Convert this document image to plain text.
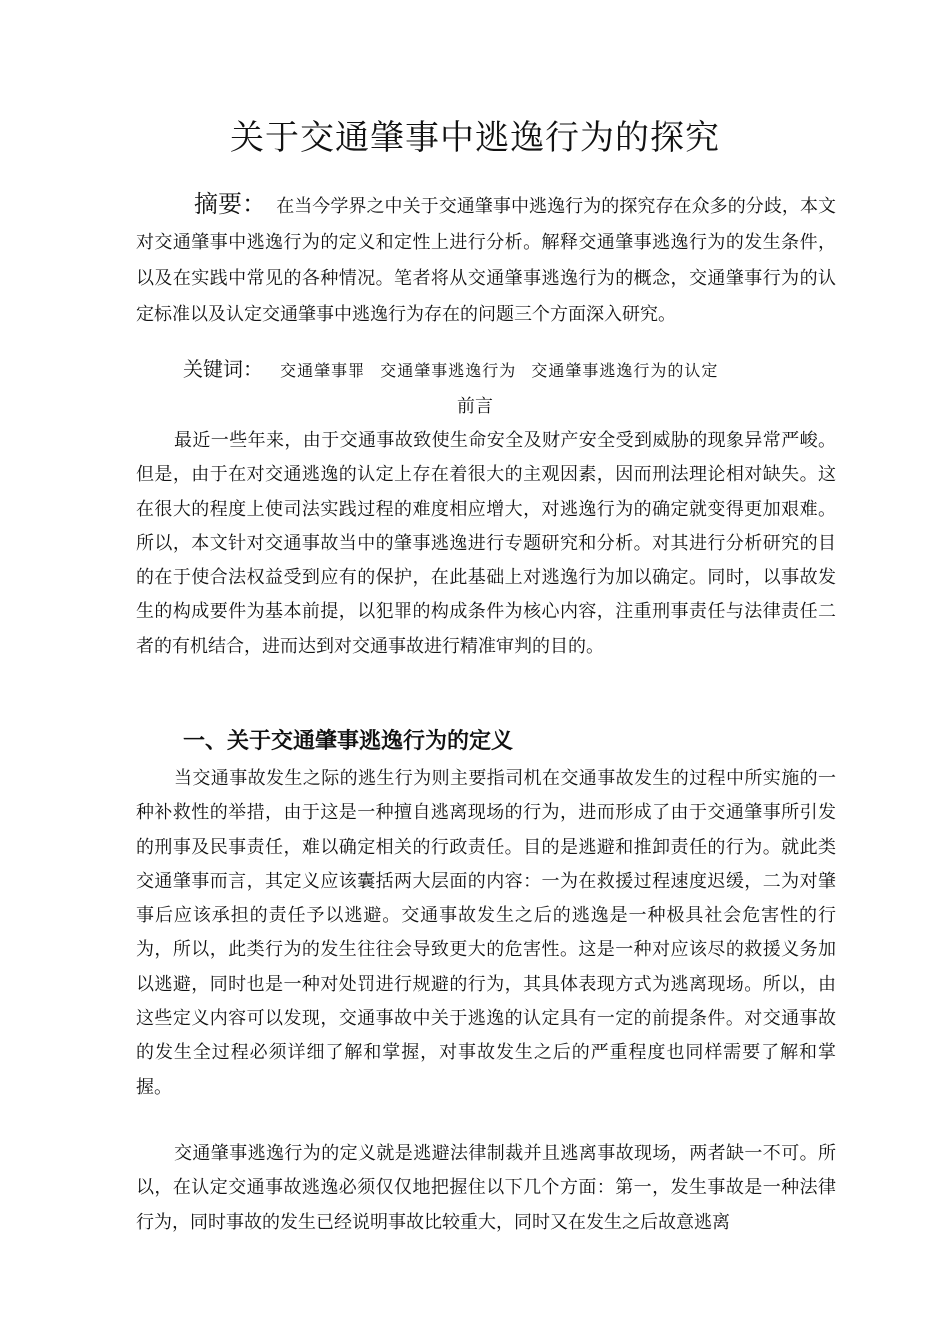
关于交通肇事中逃逸行为的探究
摘要： 在当今学界之中关于交通肇事中逃逸行为的探究存在众多的分歧，本文对交通肇事中逃逸行为的定义和定性上进行分析。解释交通肇事逃逸行为的发生条件，以及在实践中常见的各种情况。笔者将从交通肇事逃逸行为的概念，交通肇事行为的认定标准以及认定交通肇事中逃逸行为存在的问题三个方面深入研究。
关键词： 交通肇事罪 交通肇事逃逸行为 交通肇事逃逸行为的认定
前言

最近一些年来，由于交通事故致使生命安全及财产安全受到威胁的现象异常严峻。但是，由于在对交通逃逸的认定上存在着很大的主观因素，因而刑法理论相对缺失。这在很大的程度上使司法实践过程的难度相应增大，对逃逸行为的确定就变得更加艰难。所以，本文针对交通事故当中的肇事逃逸进行专题研究和分析。对其进行分析研究的目的在于使合法权益受到应有的保护，在此基础上对逃逸行为加以确定。同时，以事故发生的构成要件为基本前提，以犯罪的构成条件为核心内容，注重刑事责任与法律责任二者的有机结合，进而达到对交通事故进行精准审判的目的。

一、关于交通肇事逃逸行为的定义

当交通事故发生之际的逃生行为则主要指司机在交通事故发生的过程中所实施的一种补救性的举措，由于这是一种擅自逃离现场的行为，进而形成了由于交通肇事所引发的刑事及民事责任，难以确定相关的行政责任。目的是逃避和推卸责任的行为。就此类交通肇事而言，其定义应该囊括两大层面的内容：一为在救援过程速度迟缓，二为对肇事后应该承担的责任予以逃避。交通事故发生之后的逃逸是一种极具社会危害性的行为，所以，此类行为的发生往往会导致更大的危害性。这是一种对应该尽的救援义务加以逃避，同时也是一种对处罚进行规避的行为，其具体表现方式为逃离现场。所以，由这些定义内容可以发现，交通事故中关于逃逸的认定具有一定的前提条件。对交通事故的发生全过程必须详细了解和掌握，对事故发生之后的严重程度也同样需要了解和掌握。

交通肇事逃逸行为的定义就是逃避法律制裁并且逃离事故现场，两者缺一不可。所以，在认定交通事故逃逸必须仅仅地把握住以下几个方面：第一，发生事故是一种法律行为，同时事故的发生已经说明事故比较重大，同时又在发生之后故意逃离
